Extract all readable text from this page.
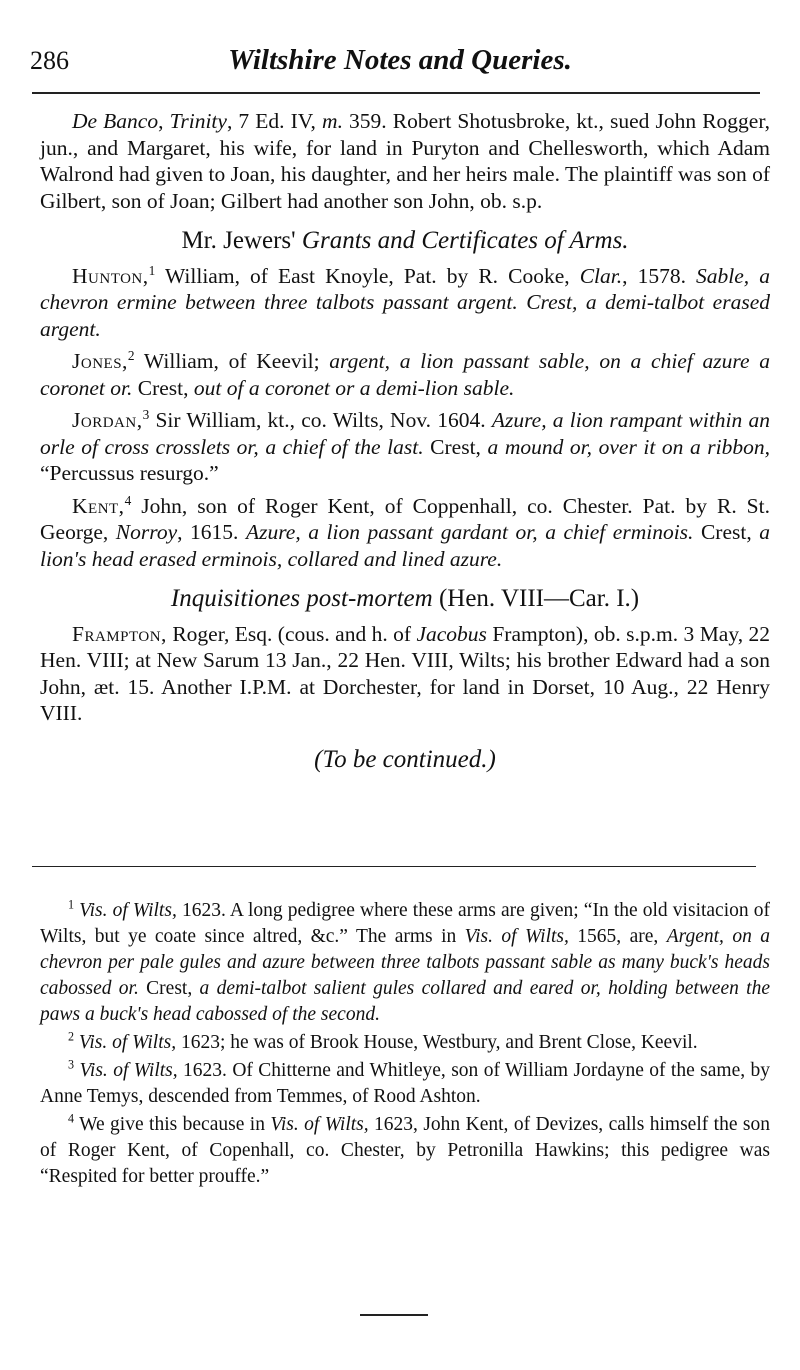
286	Wiltshire Notes and Queries.

De Banco, Trinity, 7 Ed. IV, m. 359. Robert Shotusbroke, kt., sued John Rogger, jun., and Margaret, his wife, for land in Puryton and Chellesworth, which Adam Walrond had given to Joan, his daughter, and her heirs male. The plaintiff was son of Gilbert, son of Joan; Gilbert had another son John, ob. s.p.

Mr. Jewers' Grants and Certificates of Arms.

Hunton,$^1$ William, of East Knoyle, Pat. by R. Cooke, Clar., 1578. Sable, a chevron ermine between three talbots passant argent. Crest, a demi-talbot erased argent.

Jones,$^2$ William, of Keevil; argent, a lion passant sable, on a chief azure a coronet or. Crest, out of a coronet or a demi-lion sable.

Jordan,$^3$ Sir William, kt., co. Wilts, Nov. 1604. Azure, a lion rampant within an orle of cross crosslets or, a chief of the last. Crest, a mound or, over it on a ribbon, “Percussus resurgo.”

Kent,$^4$ John, son of Roger Kent, of Coppenhall, co. Chester. Pat. by R. St. George, Norroy, 1615. Azure, a lion passant gardant or, a chief erminois. Crest, a lion's head erased erminois, collared and lined azure.

Inquisitiones post-mortem (Hen. VIII—Car. I.)

Frampton, Roger, Esq. (cous. and h. of Jacobus Frampton), ob. s.p.m. 3 May, 22 Hen. VIII; at New Sarum 13 Jan., 22 Hen. VIII, Wilts; his brother Edward had a son John, æt. 15. Another I.P.M. at Dorchester, for land in Dorset, 10 Aug., 22 Henry VIII.

(To be continued.)

$^1$ Vis. of Wilts, 1623. A long pedigree where these arms are given; “In the old visitacion of Wilts, but ye coate since altred, &c.” The arms in Vis. of Wilts, 1565, are, Argent, on a chevron per pale gules and azure between three talbots passant sable as many buck's heads cabossed or. Crest, a demi-talbot salient gules collared and eared or, holding between the paws a buck's head cabossed of the second.

$^2$ Vis. of Wilts, 1623; he was of Brook House, Westbury, and Brent Close, Keevil.

$^3$ Vis. of Wilts, 1623. Of Chitterne and Whitleye, son of William Jordayne of the same, by Anne Temys, descended from Temmes, of Rood Ashton.

$^4$ We give this because in Vis. of Wilts, 1623, John Kent, of Devizes, calls himself the son of Roger Kent, of Copenhall, co. Chester, by Petronilla Hawkins; this pedigree was “Respited for better prouffe.”
